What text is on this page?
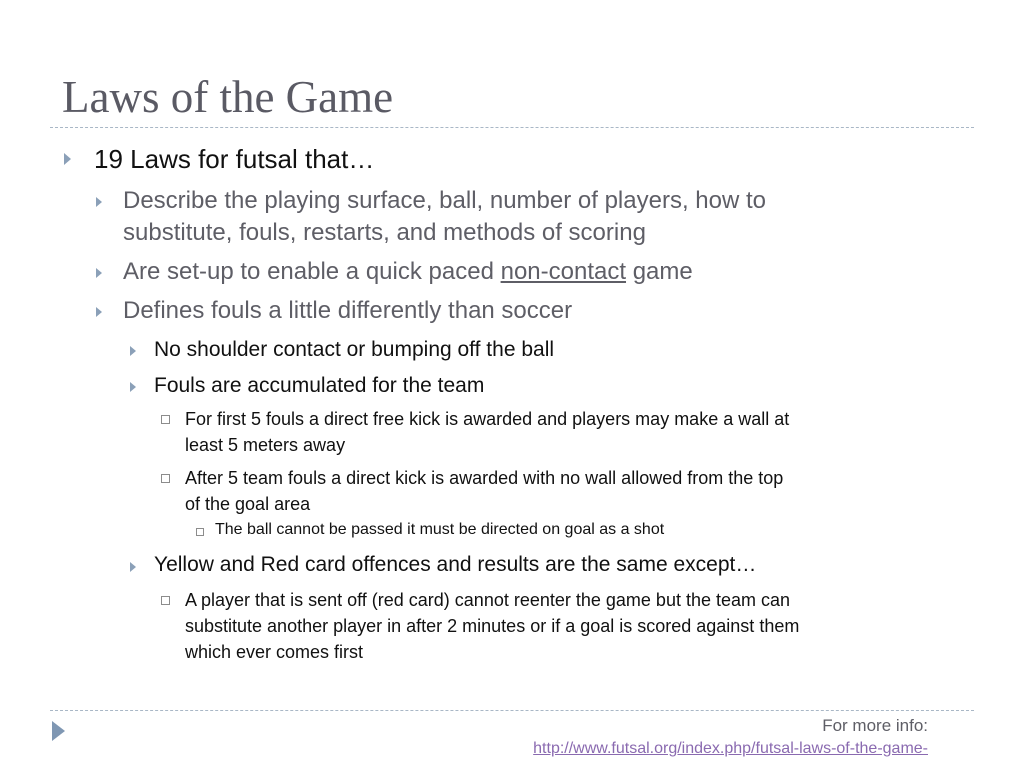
Laws of the Game
19 Laws for futsal that…
Describe the playing surface, ball, number of players, how to
substitute, fouls, restarts, and methods of scoring
Are set-up to enable a quick paced non-contact game
Defines fouls a little differently than soccer
No shoulder contact or bumping off the ball
Fouls are accumulated for the team
For first 5 fouls a direct free kick is awarded and players may make a wall at
least 5 meters away
After 5 team fouls a direct kick is awarded with no wall allowed from the top
of the goal area
The ball cannot be passed it must be directed on goal as a shot
Yellow and Red card offences and results are the same except…
A player that is sent off (red card) cannot reenter the game but the team can
substitute another player in after 2 minutes or if a goal is scored against them
which ever comes first
For more info:
http://www.futsal.org/index.php/futsal-laws-of-the-game-
